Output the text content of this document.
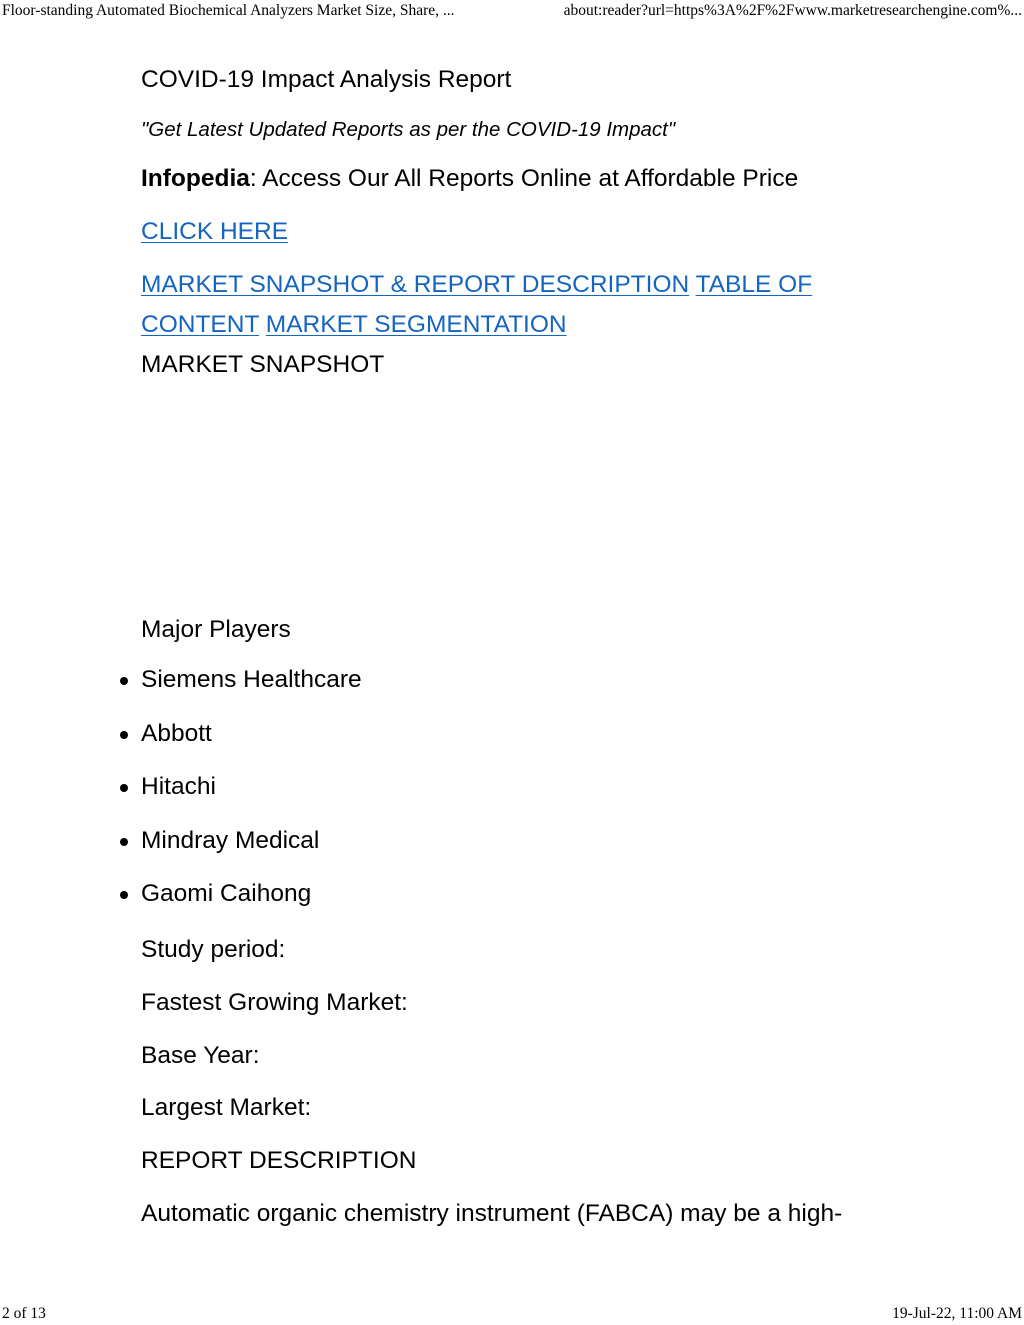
Floor-standing Automated Biochemical Analyzers Market Size, Share, ...	about:reader?url=https%3A%2F%2Fwww.marketresearchengine.com%...
COVID-19 Impact Analysis Report
"Get Latest Updated Reports as per the COVID-19 Impact"
Infopedia: Access Our All Reports Online at Affordable Price
CLICK HERE
MARKET SNAPSHOT & REPORT DESCRIPTION TABLE OF
CONTENT MARKET SEGMENTATION
MARKET SNAPSHOT
Major Players
Siemens Healthcare
Abbott
Hitachi
Mindray Medical
Gaomi Caihong
Study period:
Fastest Growing Market:
Base Year:
Largest Market:
REPORT DESCRIPTION
Automatic organic chemistry instrument (FABCA) may be a high-
2 of 13	19-Jul-22, 11:00 AM
